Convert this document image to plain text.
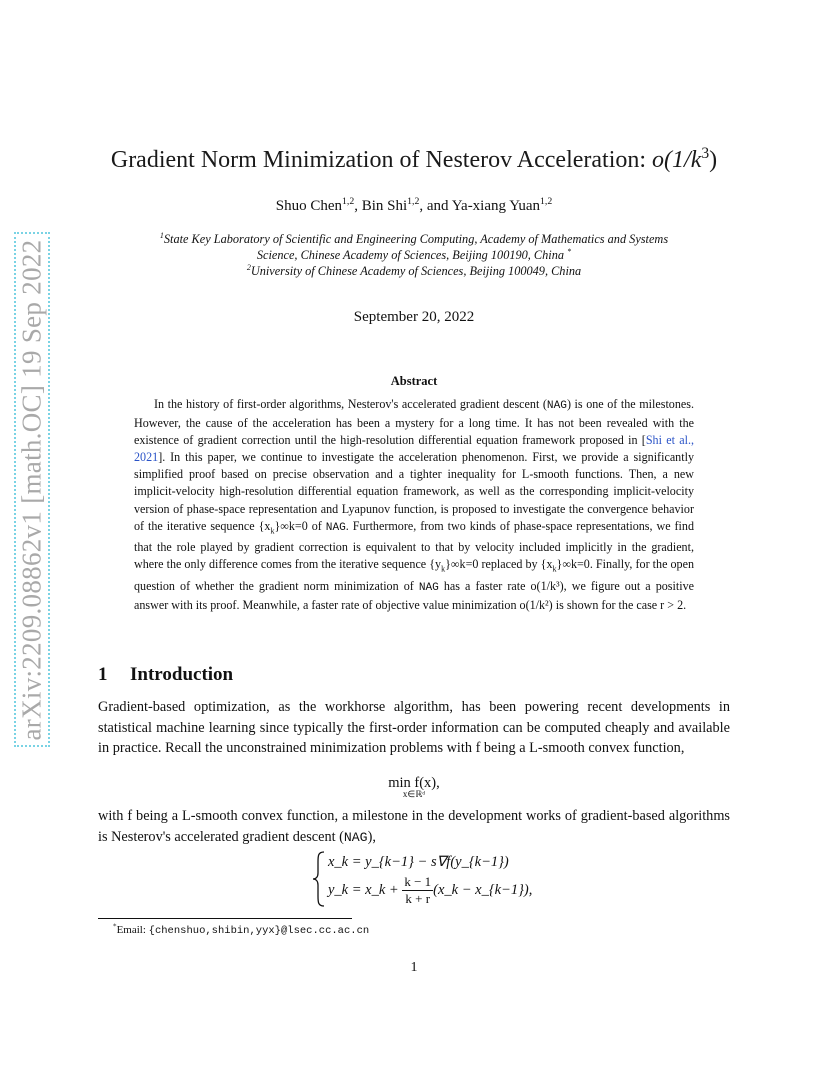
arXiv:2209.08862v1 [math.OC] 19 Sep 2022
Gradient Norm Minimization of Nesterov Acceleration: $o(1/k^3)$
Shuo Chen$^{1,2}$, Bin Shi$^{1,2}$, and Ya-xiang Yuan$^{1,2}$
$^1$State Key Laboratory of Scientific and Engineering Computing, Academy of Mathematics and Systems
Science, Chinese Academy of Sciences, Beijing 100190, China *
$^2$University of Chinese Academy of Sciences, Beijing 100049, China
September 20, 2022
Abstract

In the history of first-order algorithms, Nesterov's accelerated gradient descent (NAG) is one of the milestones. However, the cause of the acceleration has been a mystery for a long time. It has not been revealed with the existence of gradient correction until the high-resolution differential equation framework proposed in [Shi et al., 2021]. In this paper, we continue to investigate the acceleration phenomenon. First, we provide a significantly simplified proof based on precise observation and a tighter inequality for L-smooth functions. Then, a new implicit-velocity high-resolution differential equation framework, as well as the corresponding implicit-velocity version of phase-space representation and Lyapunov function, is proposed to investigate the convergence behavior of the iterative sequence $\{x_k\}\infty k=0$ of NAG. Furthermore, from two kinds of phase-space representations, we find that the role played by gradient correction is equivalent to that by velocity included implicitly in the gradient, where the only difference comes from the iterative sequence $\{y_k\}\infty k=0$ replaced by $\{x_k\}\infty k=0$. Finally, for the open question of whether the gradient norm minimization of NAG has a faster rate o(1/k³), we figure out a positive answer with its proof. Meanwhile, a faster rate of objective value minimization o(1/k²) is shown for the case r > 2.

1 Introduction

Gradient-based optimization, as the workhorse algorithm, has been powering recent developments in statistical machine learning since typically the first-order information can be computed cheaply and available in practice. Recall the unconstrained minimization problems with f being a L-smooth convex function,

min f(x),
x∈ℝᵈ

with f being a L-smooth convex function, a milestone in the development works of gradient-based algorithms is Nesterov's accelerated gradient descent (NAG),

x_k = y_{k−1} − s∇f(y_{k−1})
y_k = x_k + $\frac{k - 1}{k + r}$ (x_k − x_{k−1}),
*Email: {chenshuo,shibin,yyx}@lsec.cc.ac.cn
1
